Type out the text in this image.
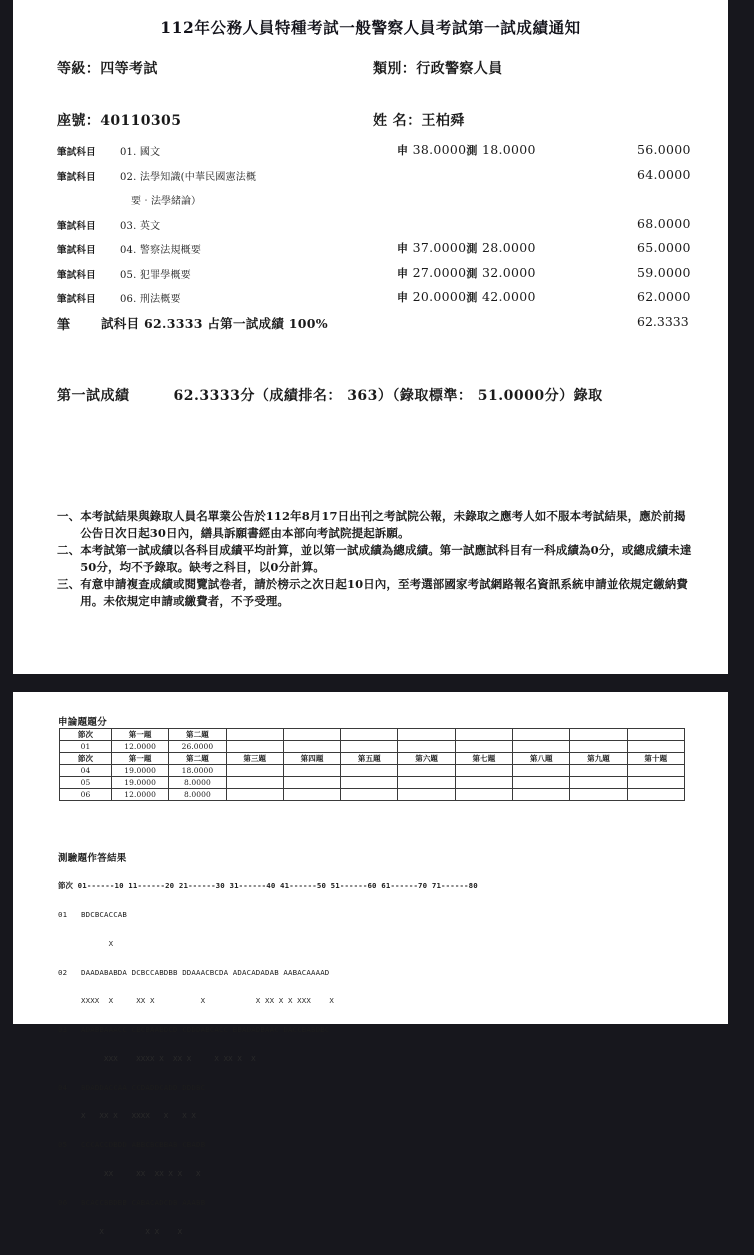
112年公務人員特種考試一般警察人員考試第一試成績通知
等級：四等考試	類別：行政警察人員
座號：40110305	姓 名：王柏舜
筆試科目 01. 國文	申 38.0000測 18.0000	56.0000
筆試科目 02. 法學知識(中華民國憲法概	64.0000
要‧法學緒論）
筆試科目 03. 英文	68.0000
筆試科目 04. 警察法規概要	申 37.0000測 28.0000	65.0000
筆試科目 05. 犯罪學概要	申 27.0000測 32.0000	59.0000
筆試科目 06. 刑法概要	申 20.0000測 42.0000	62.0000
筆 試科目 62.3333 占第一試成績 100%	62.3333
第一試成績	62.3333分（成績排名： 363）（錄取標準： 51.0000分）錄取
一、 本考試結果與錄取人員名單業公告於112年8月17日出刊之考試院公報，未錄取之應考人如不服本考試結果，應於前揭公告日次日起30日內，繕具訴願書經由本部向考試院提起訴願。
二、 本考試第一試成績以各科目成績平均計算，並以第一試成績為總成績。第一試應試科目有一科成績為0分，或總成績未達50分，均不予錄取。缺考之科目，以0分計算。
三、 有意申請複查成績或閱覽試卷者，請於榜示之次日起10日內，至考選部國家考試網路報名資訊系統申請並依規定繳納費用。未依規定申請或繳費者，不予受理。
申論題題分
節次	第一題	第二題								
01	12.0000	26.0000								
節次	第一題	第二題	第三題	第四題	第五題	第六題	第七題	第八題	第九題	第十題
04	19.0000	18.0000								
05	19.0000	8.0000								
06	12.0000	8.0000								
測驗題作答結果

節次 01------10 11------20 21------30 31------40 41------50 51------60 61------70 71------80

01 BDCBCACCAB

X

02 DAADABABDA DCBCCABDBB DDAAACBCDA ADACADADAB AABACAAAAD

XXXX  X     XX X          X           X XX X X XXX    X

03 ADABBAAACC CBCBAABDCD CDDDABCACC BBADADBAAC DACCBABDBC

XXX    XXXX X  XX X     X XX X  X

04 BDADDACCAA CCDADDCADD DDDBC

X   XX X   XXXX   X   X X

05 CCCACCDBDD ABBCBCBBAB CBADB

XX     XX  XX X X   X

06 BCACCBBDBB CABACADCDB AAABB

X         X X    X
